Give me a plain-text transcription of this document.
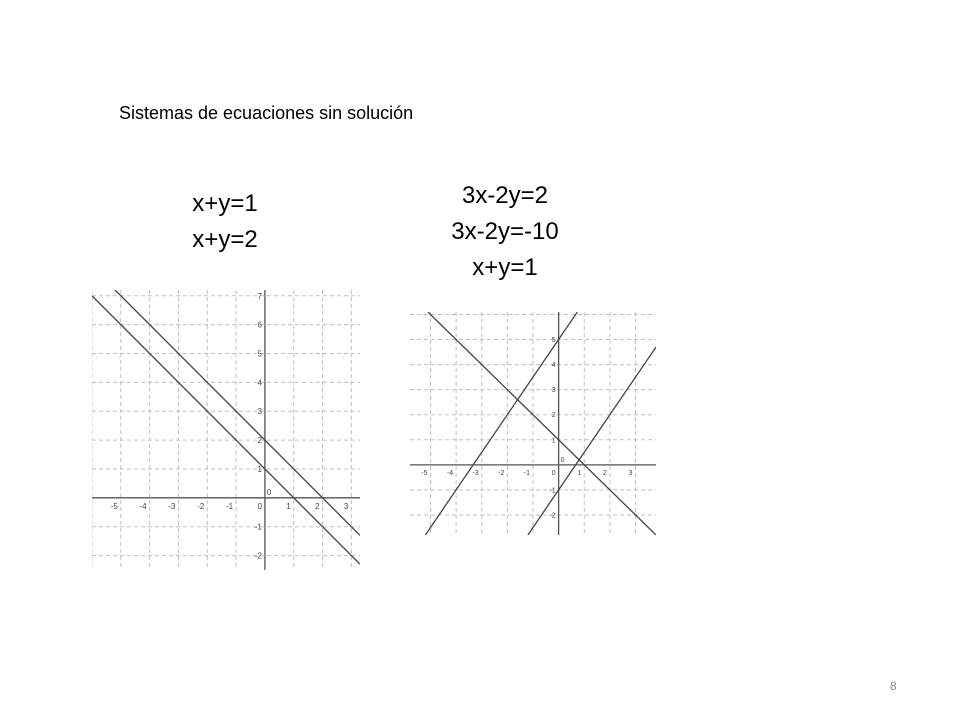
Sistemas de ecuaciones sin solución
x+y=1
x+y=2
3x-2y=2
3x-2y=-10
x+y=1
-5	-4	-3	-2	-1	0	1	2	3
-2
-1
1
2
3
4
5
6
7
0
-5	-4	-3	-2	-1	0	1	2	3
-2
-1
1
2
3
4
5
0
8
